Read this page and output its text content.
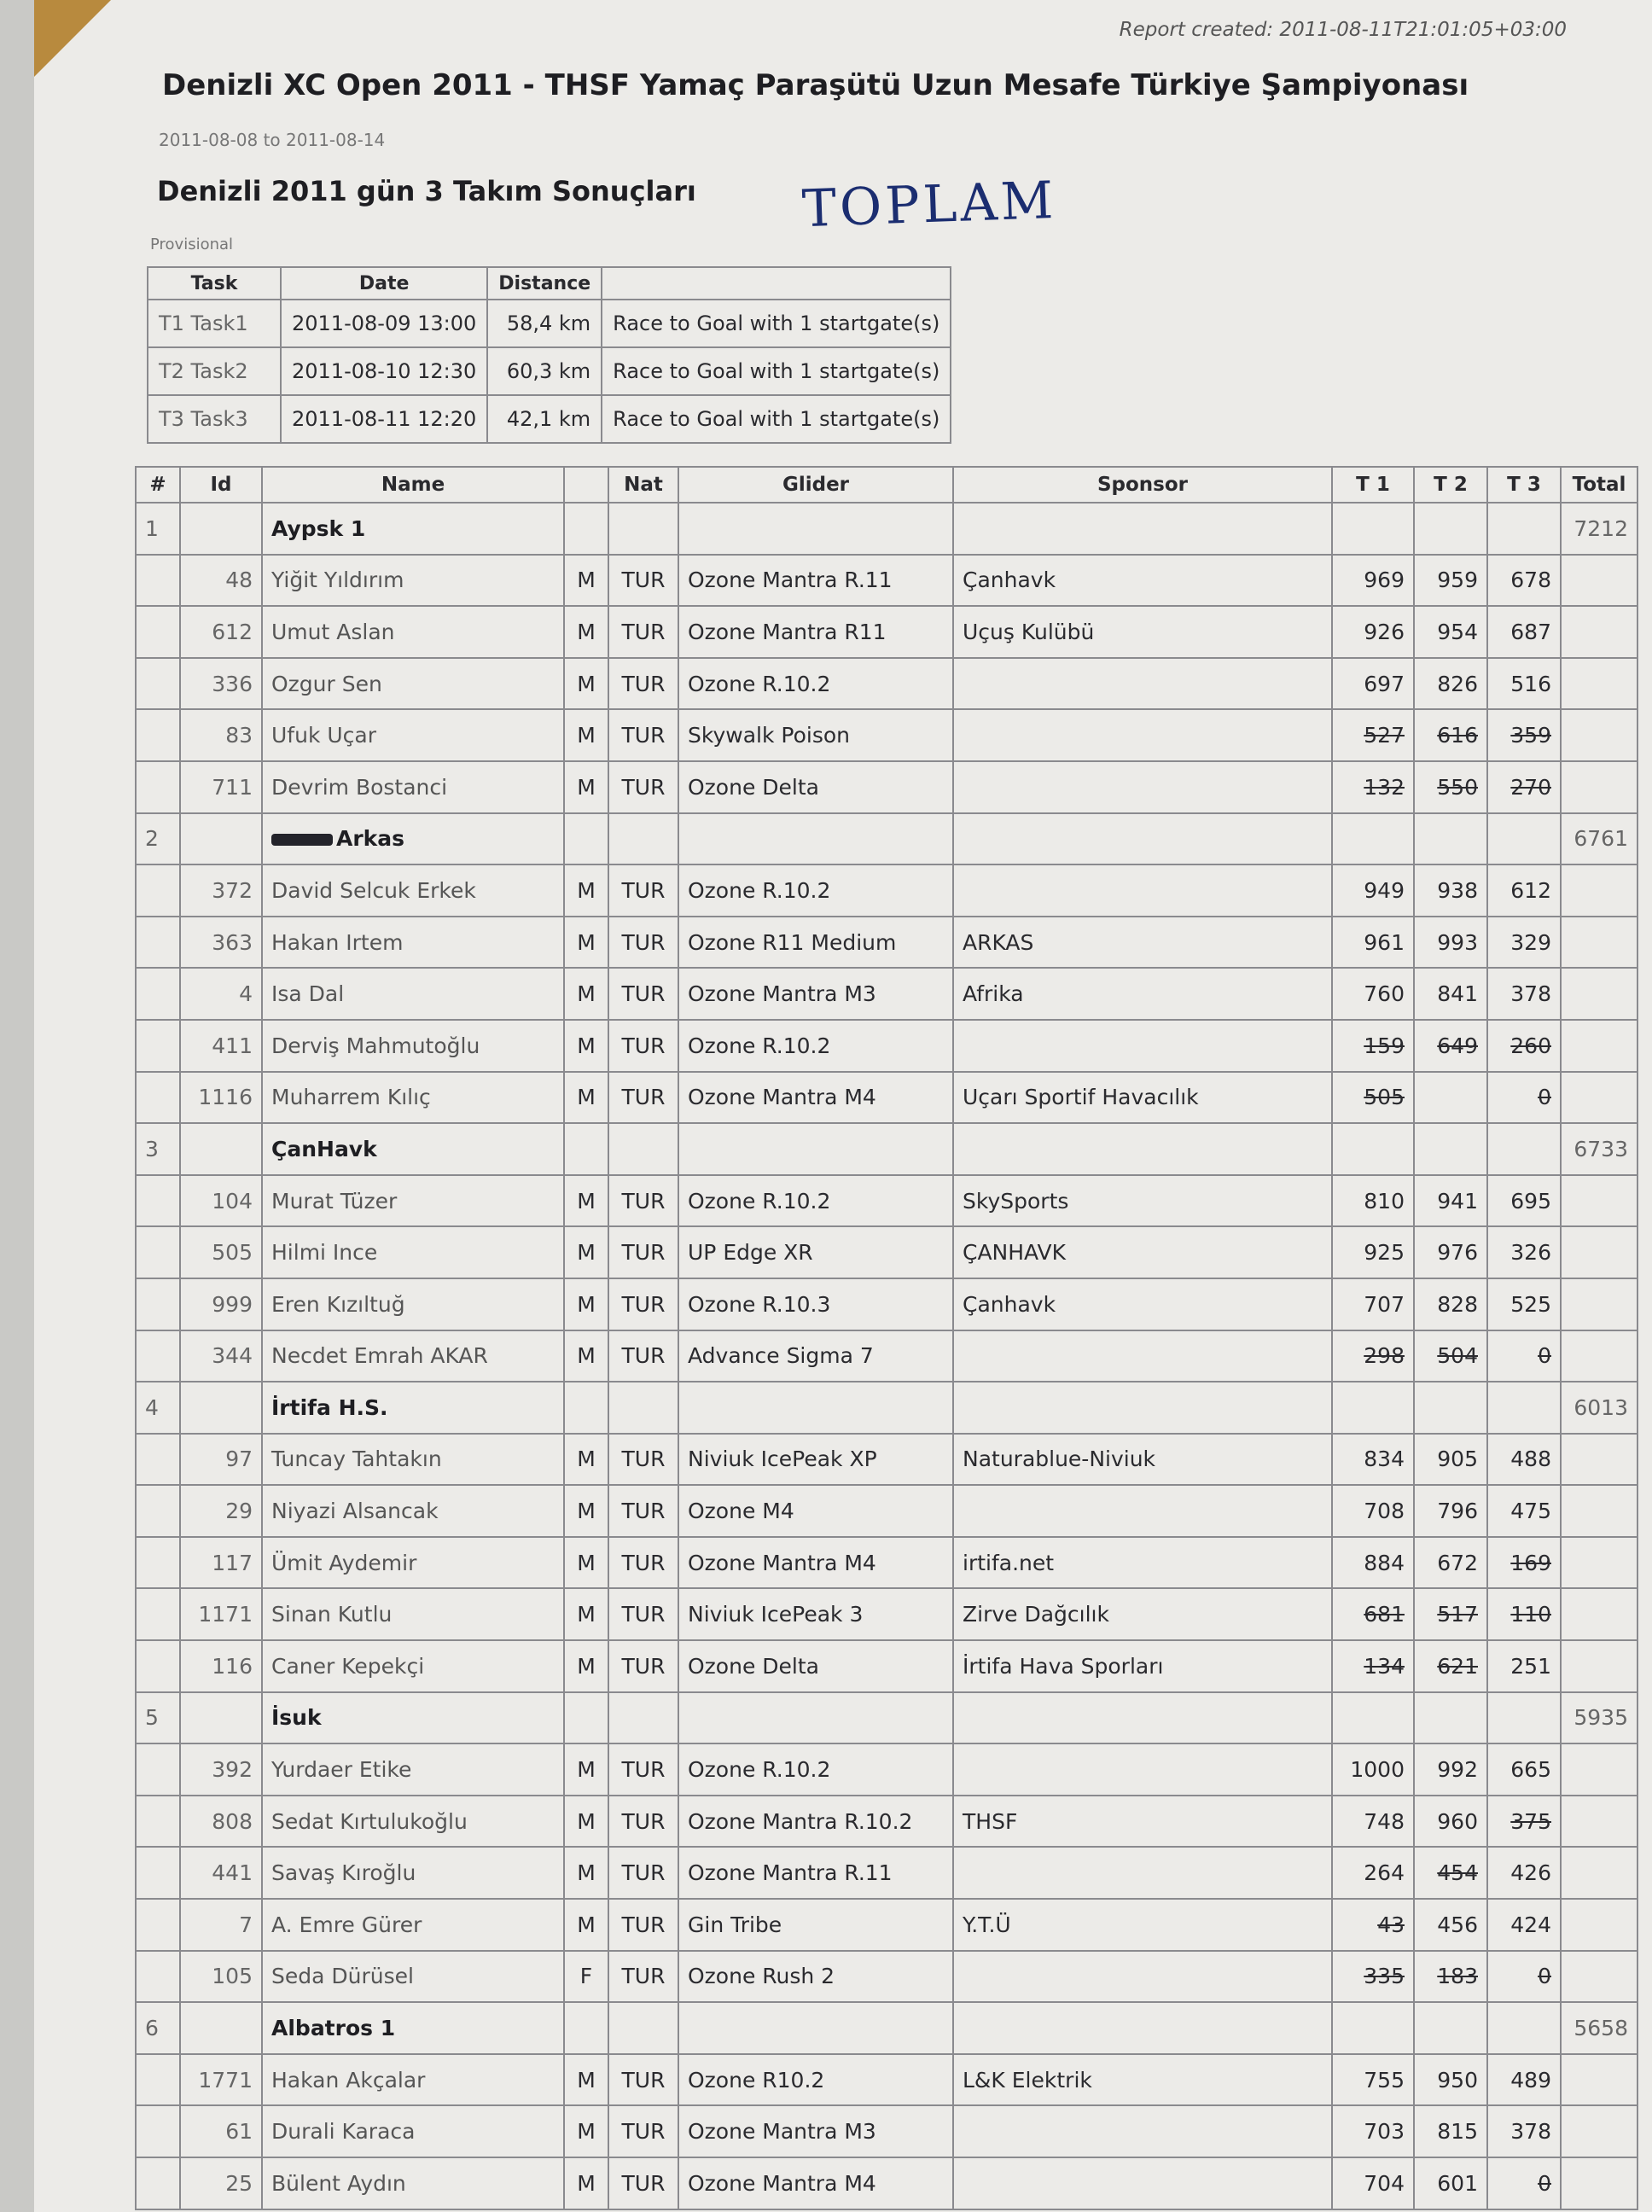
Report created: 2011-08-11T21:01:05+03:00
Denizli XC Open 2011 - THSF Yamaç Paraşütü Uzun Mesafe Türkiye Şampiyonası
2011-08-08 to 2011-08-14
Denizli 2011 gün 3 Takım Sonuçları TOPLAM
Provisional
Task	Date	Distance	
T1 Task1	2011-08-09 13:00	58,4 km	Race to Goal with 1 startgate(s)
T2 Task2	2011-08-10 12:30	60,3 km	Race to Goal with 1 startgate(s)
T3 Task3	2011-08-11 12:20	42,1 km	Race to Goal with 1 startgate(s)
#	Id	Name		Nat	Glider	Sponsor	T 1	T 2	T 3	Total
1		Aypsk 1								7212
	48	Yiğit Yıldırım	M	TUR	Ozone Mantra R.11	Çanhavk	969	959	678	
	612	Umut Aslan	M	TUR	Ozone Mantra R11	Uçuş Kulübü	926	954	687	
	336	Ozgur Sen	M	TUR	Ozone R.10.2		697	826	516	
	83	Ufuk Uçar	M	TUR	Skywalk Poison		527	616	359	
	711	Devrim Bostanci	M	TUR	Ozone Delta		132	550	270	
2		Arkas								6761
	372	David Selcuk Erkek	M	TUR	Ozone R.10.2		949	938	612	
	363	Hakan Irtem	M	TUR	Ozone R11 Medium	ARKAS	961	993	329	
	4	Isa Dal	M	TUR	Ozone Mantra M3	Afrika	760	841	378	
	411	Derviş Mahmutoğlu	M	TUR	Ozone R.10.2		159	649	260	
	1116	Muharrem Kılıç	M	TUR	Ozone Mantra M4	Uçarı Sportif Havacılık	505		0	
3		ÇanHavk								6733
	104	Murat Tüzer	M	TUR	Ozone R.10.2	SkySports	810	941	695	
	505	Hilmi Ince	M	TUR	UP Edge XR	ÇANHAVK	925	976	326	
	999	Eren Kızıltuğ	M	TUR	Ozone R.10.3	Çanhavk	707	828	525	
	344	Necdet Emrah AKAR	M	TUR	Advance Sigma 7		298	504	0	
4		İrtifa H.S.								6013
	97	Tuncay Tahtakın	M	TUR	Niviuk IcePeak XP	Naturablue-Niviuk	834	905	488	
	29	Niyazi Alsancak	M	TUR	Ozone M4		708	796	475	
	117	Ümit Aydemir	M	TUR	Ozone Mantra M4	irtifa.net	884	672	169	
	1171	Sinan Kutlu	M	TUR	Niviuk IcePeak 3	Zirve Dağcılık	681	517	110	
	116	Caner Kepekçi	M	TUR	Ozone Delta	İrtifa Hava Sporları	134	621	251	
5		İsuk								5935
	392	Yurdaer Etike	M	TUR	Ozone R.10.2		1000	992	665	
	808	Sedat Kırtulukoğlu	M	TUR	Ozone Mantra R.10.2	THSF	748	960	375	
	441	Savaş Kıroğlu	M	TUR	Ozone Mantra R.11		264	454	426	
	7	A. Emre Gürer	M	TUR	Gin Tribe	Y.T.Ü	43	456	424	
	105	Seda Dürüsel	F	TUR	Ozone Rush 2		335	183	0	
6		Albatros 1								5658
	1771	Hakan Akçalar	M	TUR	Ozone R10.2	L&K Elektrik	755	950	489	
	61	Durali Karaca	M	TUR	Ozone Mantra M3		703	815	378	
	25	Bülent Aydın	M	TUR	Ozone Mantra M4		704	601	0	
